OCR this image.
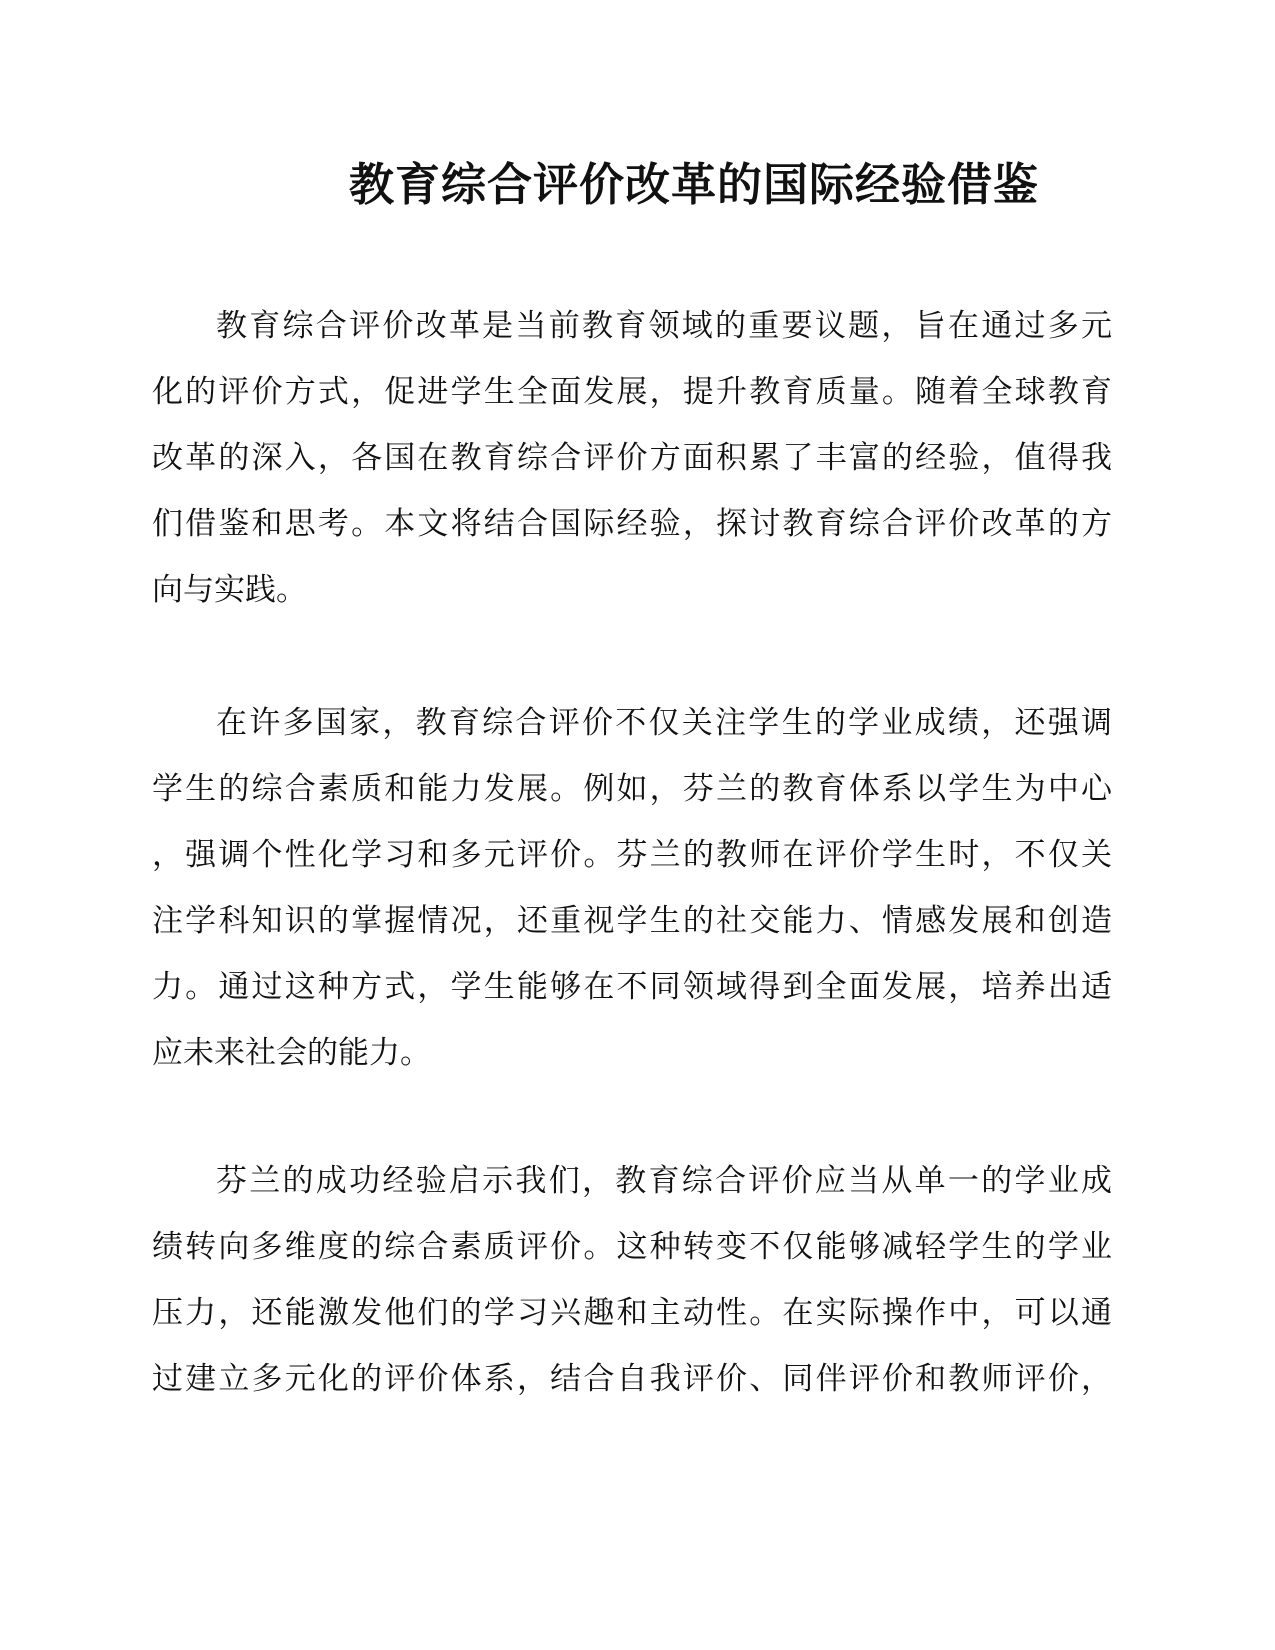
教育综合评价改革的国际经验借鉴
教育综合评价改革是当前教育领域的重要议题，旨在通过多元
化的评价方式，促进学生全面发展，提升教育质量。随着全球教育
改革的深入，各国在教育综合评价方面积累了丰富的经验，值得我
们借鉴和思考。本文将结合国际经验，探讨教育综合评价改革的方
向与实践。
在许多国家，教育综合评价不仅关注学生的学业成绩，还强调
学生的综合素质和能力发展。例如，芬兰的教育体系以学生为中心
，强调个性化学习和多元评价。芬兰的教师在评价学生时，不仅关
注学科知识的掌握情况，还重视学生的社交能力、情感发展和创造
力。通过这种方式，学生能够在不同领域得到全面发展，培养出适
应未来社会的能力。
芬兰的成功经验启示我们，教育综合评价应当从单一的学业成
绩转向多维度的综合素质评价。这种转变不仅能够减轻学生的学业
压力，还能激发他们的学习兴趣和主动性。在实际操作中，可以通
过建立多元化的评价体系，结合自我评价、同伴评价和教师评价，
